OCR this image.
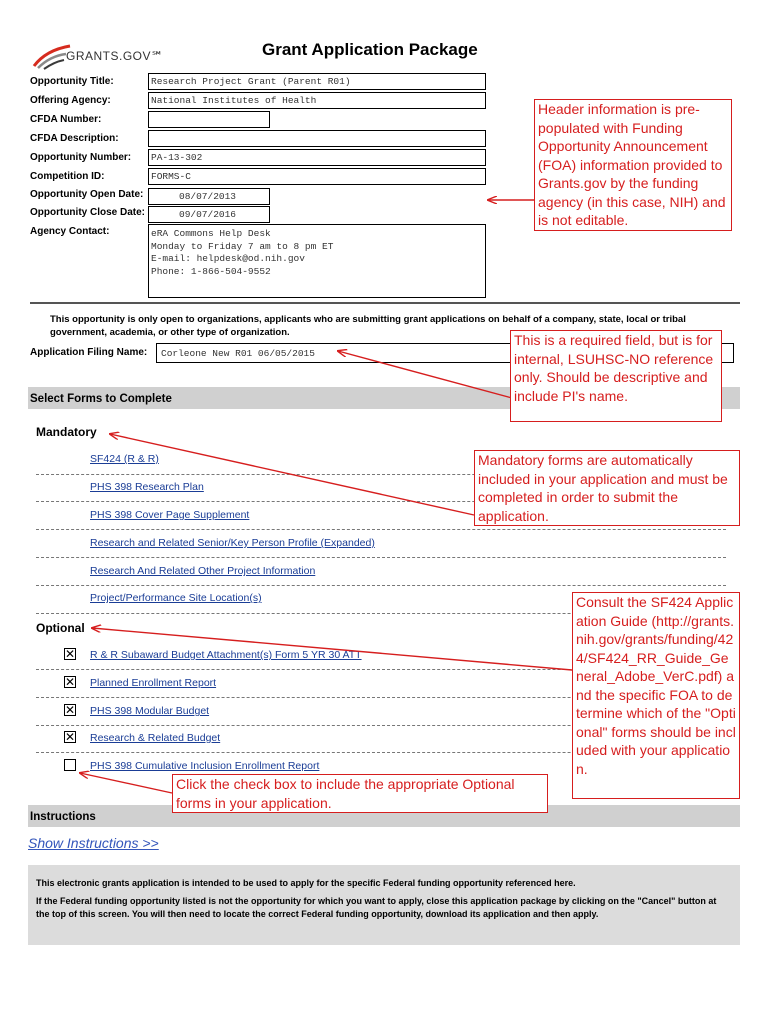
GRANTS.GOV℠	Grant Application Package
Opportunity Title:	Research Project Grant (Parent R01)
Offering Agency:	National Institutes of Health
CFDA Number:
CFDA Description:
Opportunity Number:	PA-13-302
Competition ID:	FORMS-C
Opportunity Open Date:	08/07/2013
Opportunity Close Date:	09/07/2016
Agency Contact:	eRA Commons Help Desk
Monday to Friday 7 am to 8 pm ET
E-mail: helpdesk@od.nih.gov
Phone: 1-866-504-9552
This opportunity is only open to organizations, applicants who are submitting grant applications on behalf of a company, state, local or tribal government, academia, or other type of organization.
Application Filing Name:	Corleone New R01 06/05/2015
Select Forms to Complete
Mandatory
SF424 (R & R)
PHS 398 Research Plan
PHS 398 Cover Page Supplement
Research and Related Senior/Key Person Profile (Expanded)
Research And Related Other Project Information
Project/Performance Site Location(s)
Optional
✕ R & R Subaward Budget Attachment(s) Form 5 YR 30 ATT
✕ Planned Enrollment Report
✕ PHS 398 Modular Budget
✕ Research & Related Budget
PHS 398 Cumulative Inclusion Enrollment Report
Instructions
Show Instructions >>

This electronic grants application is intended to be used to apply for the specific Federal funding opportunity referenced here.

If the Federal funding opportunity listed is not the opportunity for which you want to apply, close this application package by clicking on the "Cancel" button at the top of this screen. You will then need to locate the correct Federal funding opportunity, download its application and then apply.

Header information is pre-populated with Funding Opportunity Announcement (FOA) information provided to Grants.gov by the funding agency (in this case, NIH) and is not editable.
This is a required field, but is for internal, LSUHSC-NO reference only. Should be descriptive and include PI's name.
Mandatory forms are automatically included in your application and must be completed in order to submit the application.
Consult the SF424 Application Guide (http://grants.nih.gov/grants/funding/424/SF424_RR_Guide_General_Adobe_VerC.pdf) and the specific FOA to determine which of the "Optional" forms should be included with your application.
Click the check box to include the appropriate Optional forms in your application.
